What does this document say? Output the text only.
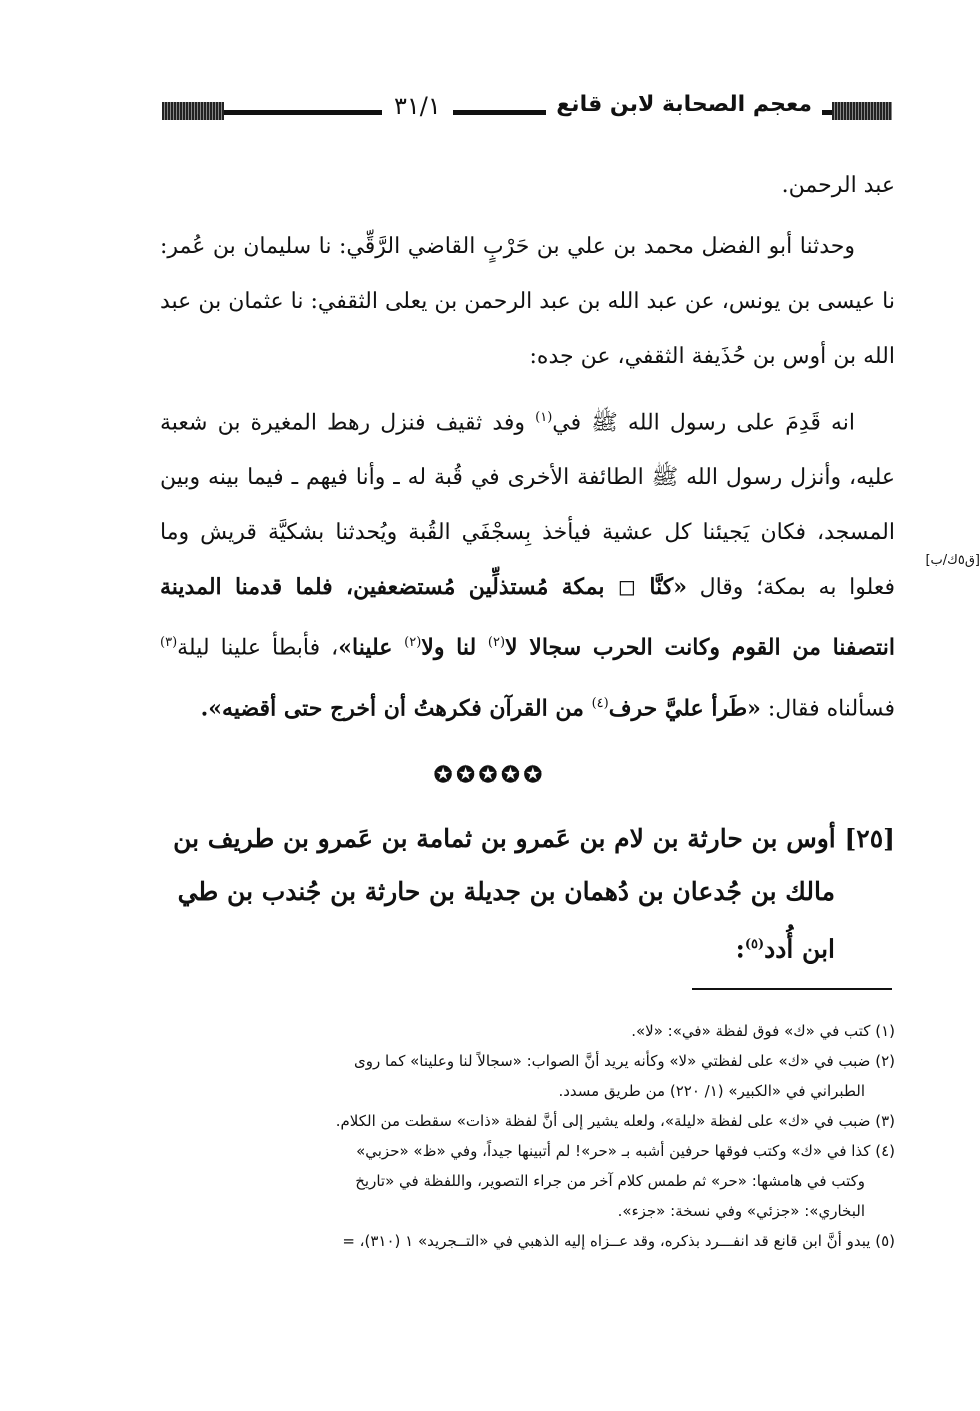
معجم الصحابة لابن قانع
٣١/١

عبد الرحمن.

وحدثنا أبو الفضل محمد بن علي بن حَرْبٍ القاضي الرَّقِّي: نا سليمان بن عُمر: نا عيسى بن يونس، عن عبد الله بن عبد الرحمن بن يعلى الثقفي: نا عثمان بن عبد الله بن أوس بن حُذَيفة الثقفي، عن جده:

انه قَدِمَ على رسول الله ﷺ في$^{(١)}$ وفد ثقيف فنزل رهط المغيرة بن شعبة عليه، وأنزل رسول الله ﷺ الطائفة الأخرى في قُبة له ـ وأنا فيهم ـ فيما بينه وبين المسجد، فكان يَجيئنا كل عشية فيأخذ بِسجْفَي القُبة ويُحدثنا بشكيَّة قريش وما فعلوا به بمكة؛ وقال «كنَّا ◻ بمكة مُستذلِّين مُستضعفين، فلما قدمنا المدينة انتصفنا من القوم وكانت الحرب سجالا لا$^{(٢)}$ لنا ولا$^{(٢)}$ علينا»، فأبطأ علينا ليلة$^{(٣)}$ فسألناه فقال: «طَرأ عليَّ حرف$^{(٤)}$ من القرآن فكرهتُ أن أخرج حتى أقضيه».

[ق٥ك/ب]
✪✪✪✪✪
[٢٥] أوس بن حارثة بن لام بن عَمرو بن ثمامة بن عَمرو بن طريف بن
مالك بن جُدعان بن دُهمان بن جديلة بن حارثة بن جُندب بن طي
ابن أُدد$^{(٥)}$:

(١) كتب في «ك» فوق لفظة «في»: «لا».

(٢) ضبب في «ك» على لفظتي «لا» وكأنه يريد أنَّ الصواب: «سجالاً لنا وعلينا» كما روى
الطبراني في «الكبير» (١/ ٢٢٠) من طريق مسدد.

(٣) ضبب في «ك» على لفظة «ليلة»، ولعله يشير إلى أنَّ لفظة «ذات» سقطت من الكلام.

(٤) كذا في «ك» وكتب فوقها حرفين أشبه بـ «حر»! لم أتبينها جيداً، وفي «ظ» «حزبي»
وكتب في هامشها: «حر» ثم طمس كلام آخر من جراء التصوير، واللفظة في «تاريخ
البخاري»: «جزئي» وفي نسخة: «جزء».

(٥) يبدو أنَّ ابن قانع قد انفـــرد بذكره، وقد عــزاه إليه الذهبي في «التــجريد» ١ (٣١٠)، =
